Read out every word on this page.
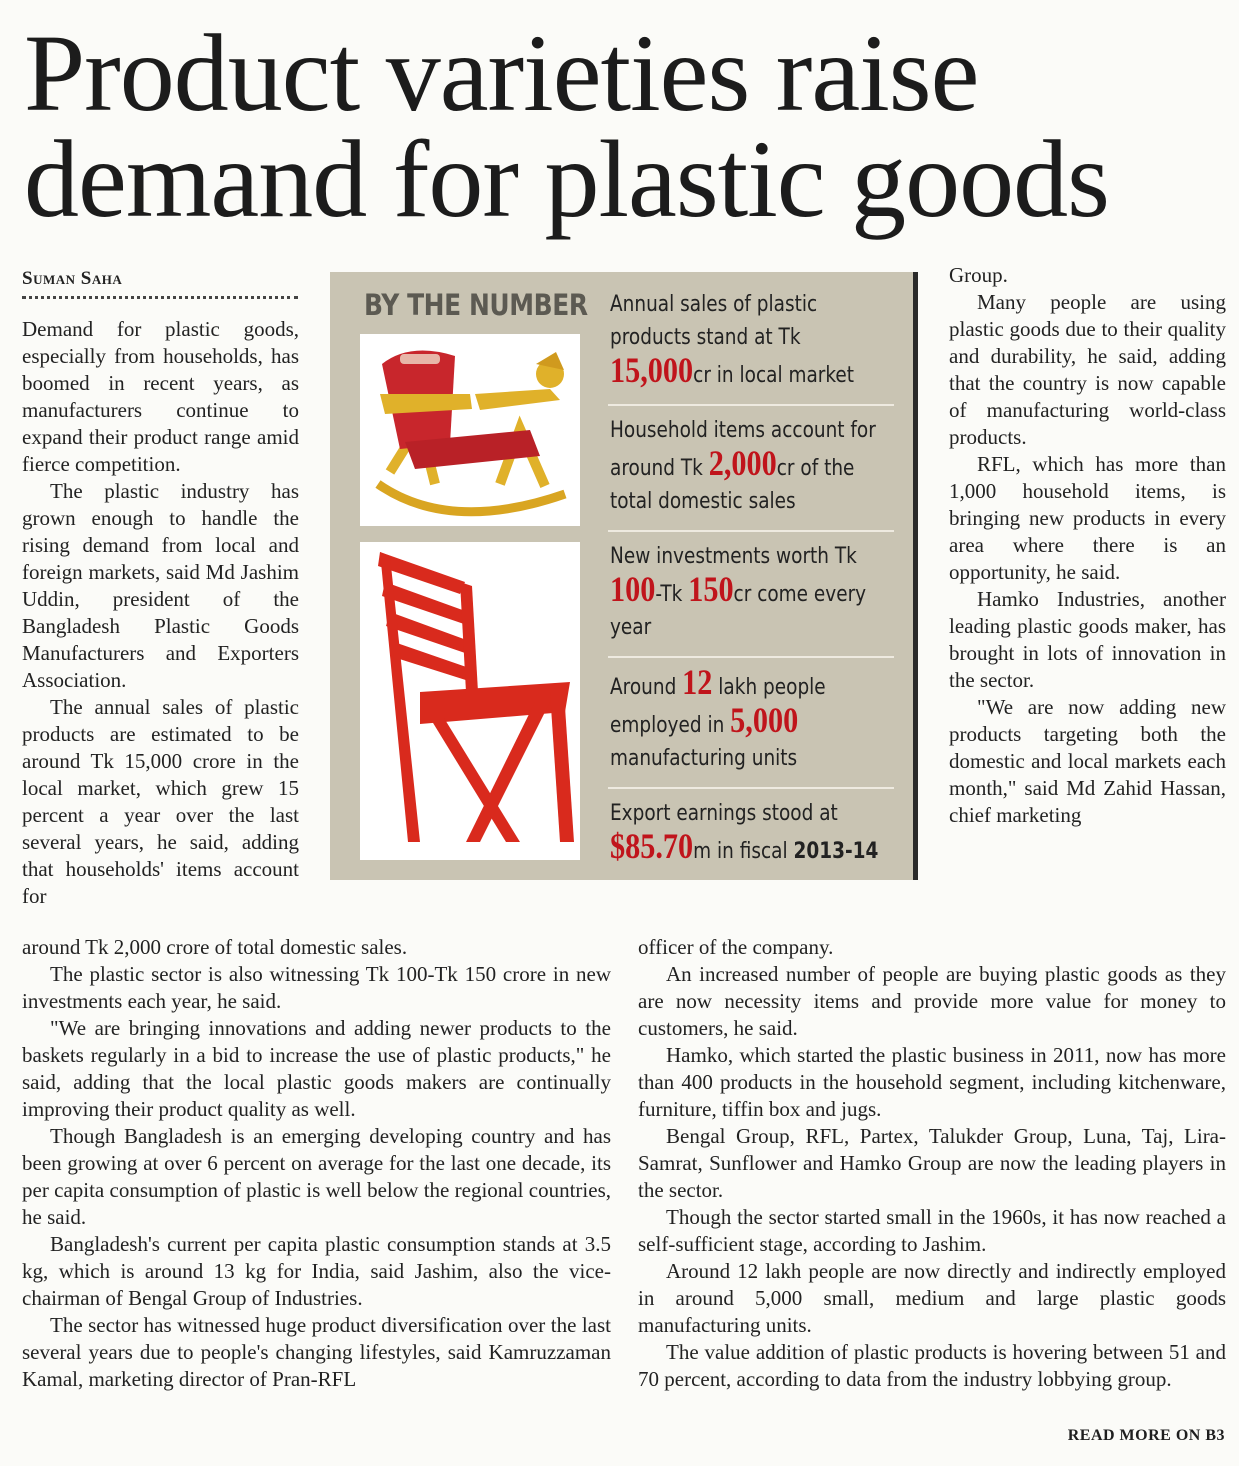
Product varieties raise
demand for plastic goods
Suman Saha

Demand for plastic goods, especially from households, has boomed in recent years, as manufacturers continue to expand their product range amid fierce competition.

The plastic industry has grown enough to handle the rising demand from local and foreign markets, said Md Jashim Uddin, president of the Bangladesh Plastic Goods Manufacturers and Exporters Association.

The annual sales of plastic products are estimated to be around Tk 15,000 crore in the local market, which grew 15 percent a year over the last several years, he said, adding that households' items account for

BY THE NUMBER Annual sales of plastic products stand at Tk 15,000cr in local market
Household items account for around Tk 2,000cr of the total domestic sales
New investments worth Tk 100-Tk 150cr come every year
Around 12 lakh people employed in 5,000 manufacturing units
Export earnings stood at $85.70m in fiscal 2013-14

Group.

Many people are using plastic goods due to their quality and durability, he said, adding that the country is now capable of manufacturing world-class products.

RFL, which has more than 1,000 household items, is bringing new products in every area where there is an opportunity, he said.

Hamko Industries, another leading plastic goods maker, has brought in lots of innovation in the sector.

"We are now adding new products targeting both the domestic and local markets each month," said Md Zahid Hassan, chief marketing

around Tk 2,000 crore of total domestic sales.

The plastic sector is also witnessing Tk 100-Tk 150 crore in new investments each year, he said.

"We are bringing innovations and adding newer products to the baskets regularly in a bid to increase the use of plastic products," he said, adding that the local plastic goods makers are continually improving their product quality as well.

Though Bangladesh is an emerging developing country and has been growing at over 6 percent on average for the last one decade, its per capita consumption of plastic is well below the regional countries, he said.

Bangladesh's current per capita plastic consumption stands at 3.5 kg, which is around 13 kg for India, said Jashim, also the vice-chairman of Bengal Group of Industries.

The sector has witnessed huge product diversification over the last several years due to people's changing lifestyles, said Kamruzzaman Kamal, marketing director of Pran-RFL

officer of the company.

An increased number of people are buying plastic goods as they are now necessity items and provide more value for money to customers, he said.

Hamko, which started the plastic business in 2011, now has more than 400 products in the household segment, including kitchenware, furniture, tiffin box and jugs.

Bengal Group, RFL, Partex, Talukder Group, Luna, Taj, Lira-Samrat, Sunflower and Hamko Group are now the leading players in the sector.

Though the sector started small in the 1960s, it has now reached a self-sufficient stage, according to Jashim.

Around 12 lakh people are now directly and indirectly employed in around 5,000 small, medium and large plastic goods manufacturing units.

The value addition of plastic products is hovering between 51 and 70 percent, according to data from the industry lobbying group.

READ MORE ON B3
